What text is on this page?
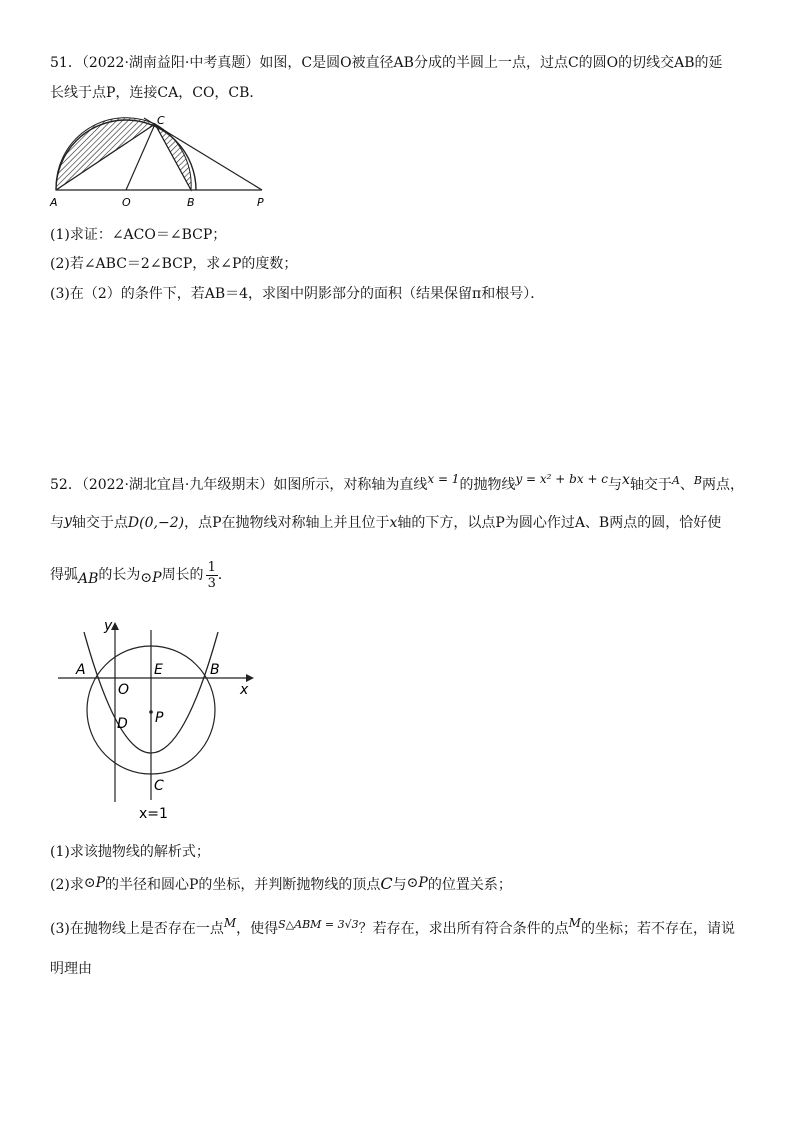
51．（2022·湖南益阳·中考真题）如图，C是圆O被直径AB分成的半圆上一点，过点C的圆O的切线交AB的延
长线于点P，连接CA，CO，CB．
A	O	B	P
C
(1)求证：∠ACO＝∠BCP；
(2)若∠ABC＝2∠BCP，求∠P的度数；
(3)在（2）的条件下，若AB＝4，求图中阴影部分的面积（结果保留π和根号）．
52．（2022·湖北宜昌·九年级期末）如图所示，对称轴为直线x = 1的抛物线y = x² + bx + c与x轴交于$^A$、$^B$两点，
与y轴交于点D(0,−2)，点P在抛物线对称轴上并且位于x轴的下方，以点P为圆心作过A、B两点的圆，恰好使
得弧AB的长为⊙P周长的 $\frac{1}{3}$ ．
y
x
A
O
E	B
D P
C
x=1
(1)求该抛物线的解析式；
(2)求⊙P的半径和圆心P的坐标，并判断抛物线的顶点C与⊙P的位置关系；
(3)在抛物线上是否存在一点M，使得$^{S\triangle ABM = 3√3}$？若存在，求出所有符合条件的点M的坐标；若不存在，请说
明理由
